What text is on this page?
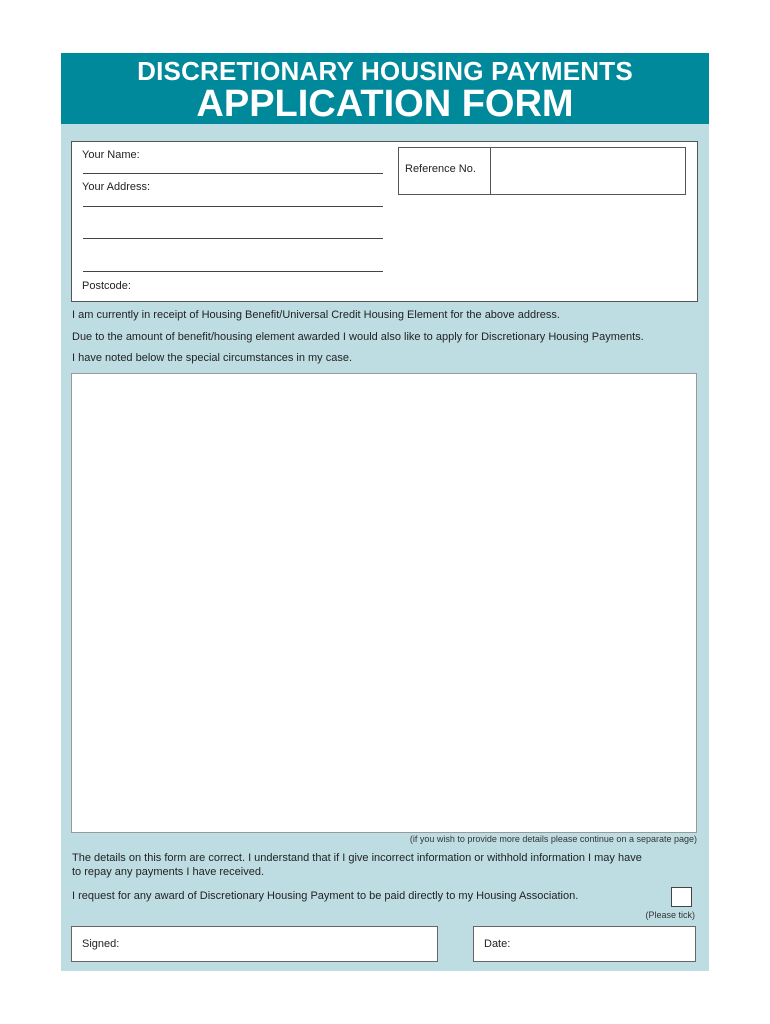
DISCRETIONARY HOUSING PAYMENTS
APPLICATION FORM
Your Name:
Your Address:
Postcode:
Reference No.
I am currently in receipt of Housing Benefit/Universal Credit Housing Element for the above address.
Due to the amount of benefit/housing element awarded I would also like to apply for Discretionary Housing Payments.
I have noted below the special circumstances in my case.
(if you wish to provide more details please continue on a separate page)
The details on this form are correct. I understand that if I give incorrect information or withhold information I may have
to repay any payments I have received.
I request for any award of Discretionary Housing Payment to be paid directly to my Housing Association.
(Please tick)
Signed:	Date:
